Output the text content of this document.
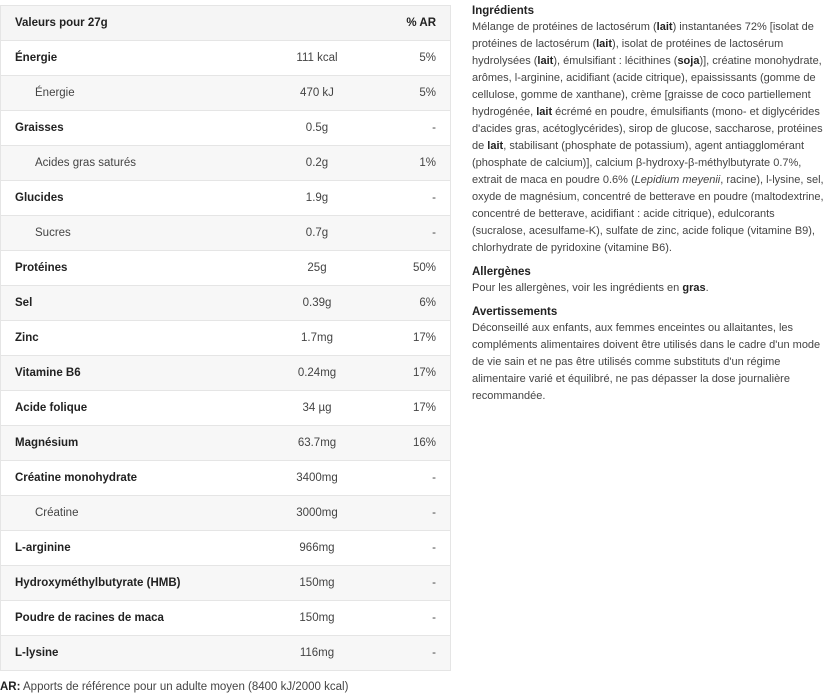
Valeurs pour 27g		% AR
Énergie	111 kcal	5%
Énergie	470 kJ	5%
Graisses	0.5g	-
Acides gras saturés	0.2g	1%
Glucides	1.9g	-
Sucres	0.7g	-
Protéines	25g	50%
Sel	0.39g	6%
Zinc	1.7mg	17%
Vitamine B6	0.24mg	17%
Acide folique	34 µg	17%
Magnésium	63.7mg	16%
Créatine monohydrate	3400mg	-
Créatine	3000mg	-
L-arginine	966mg	-
Hydroxyméthylbutyrate (HMB)	150mg	-
Poudre de racines de maca	150mg	-
L-lysine	116mg	-
AR: Apports de référence pour un adulte moyen (8400 kJ/2000 kcal)
Ingrédients

Mélange de protéines de lactosérum (lait) instantanées 72% [isolat de protéines de lactosérum (lait), isolat de protéines de lactosérum hydrolysées (lait), émulsifiant : lécithines (soja)], créatine monohydrate, arômes, l-arginine, acidifiant (acide citrique), epaississants (gomme de cellulose, gomme de xanthane), crème [graisse de coco partiellement hydrogénée, lait écrémé en poudre, émulsifiants (mono- et diglycérides d'acides gras, acétoglycérides), sirop de glucose, saccharose, protéines de lait, stabilisant (phosphate de potassium), agent antiagglomérant (phosphate de calcium)], calcium β-hydroxy-β-méthylbutyrate 0.7%, extrait de maca en poudre 0.6% (Lepidium meyenii, racine), l-lysine, sel, oxyde de magnésium, concentré de betterave en poudre (maltodextrine, concentré de betterave, acidifiant : acide citrique), edulcorants (sucralose, acesulfame-K), sulfate de zinc, acide folique (vitamine B9), chlorhydrate de pyridoxine (vitamine B6).

Allergènes

Pour les allergènes, voir les ingrédients en gras.

Avertissements

Déconseillé aux enfants, aux femmes enceintes ou allaitantes, les compléments alimentaires doivent être utilisés dans le cadre d'un mode de vie sain et ne pas être utilisés comme substituts d'un régime alimentaire varié et équilibré, ne pas dépasser la dose journalière recommandée.
